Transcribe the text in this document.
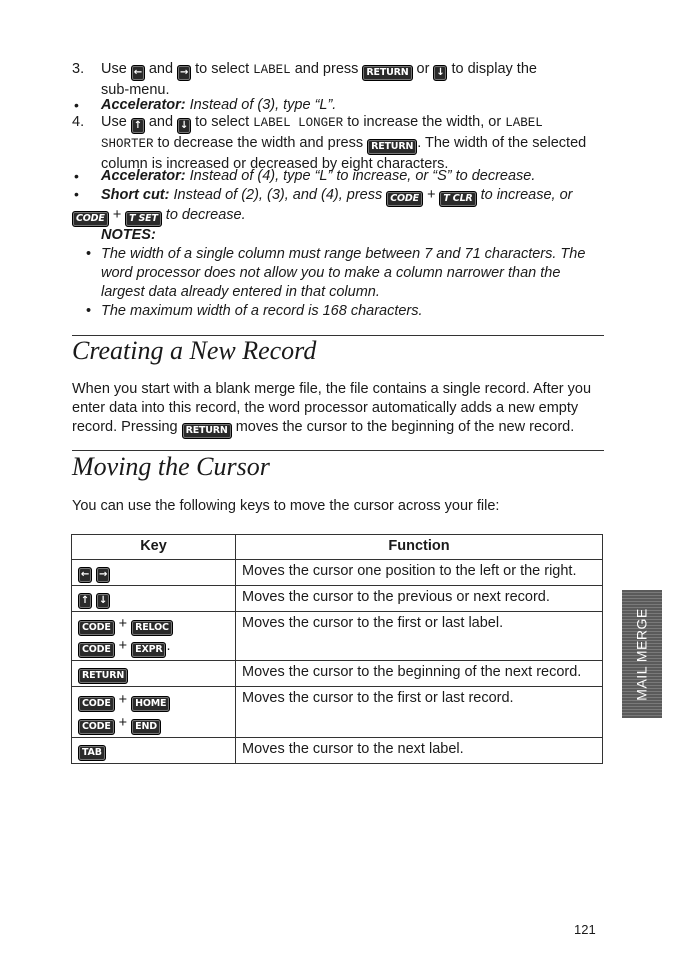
3.	Use ← and → to select LABEL and press RETURN or ↓ to display the
sub-menu.
•	Accelerator: Instead of (3), type “L”.
4.	Use ↑ and ↓ to select LABEL LONGER to increase the width, or LABEL
SHORTER to decrease the width and press RETURN . The width of the selected
column is increased or decreased by eight characters.
•	Accelerator: Instead of (4), type “L” to increase, or “S” to decrease.
•	Short cut: Instead of (2), (3), and (4), press CODE + T CLR to increase, or
CODE + T SET to decrease.
NOTES:
• The width of a single column must range between 7 and 71 characters. The word processor does not allow you to make a column narrower than the largest data already entered in that column.
• The maximum width of a record is 168 characters.
Creating a New Record
When you start with a blank merge file, the file contains a single record. After you enter data into this record, the word processor automatically adds a new empty record. Pressing RETURN moves the cursor to the beginning of the new record.
Moving the Cursor
You can use the following keys to move the cursor across your file:
Key	Function
← →	Moves the cursor one position to the left or the right.
↑ ↓	Moves the cursor to the previous or next record.
CODE + RELOC
CODE + EXPR .	Moves the cursor to the first or last label.
RETURN	Moves the cursor to the beginning of the next record.
CODE + HOME
CODE + END	Moves the cursor to the first or last record.
TAB	Moves the cursor to the next label.
MAIL MERGE
121
